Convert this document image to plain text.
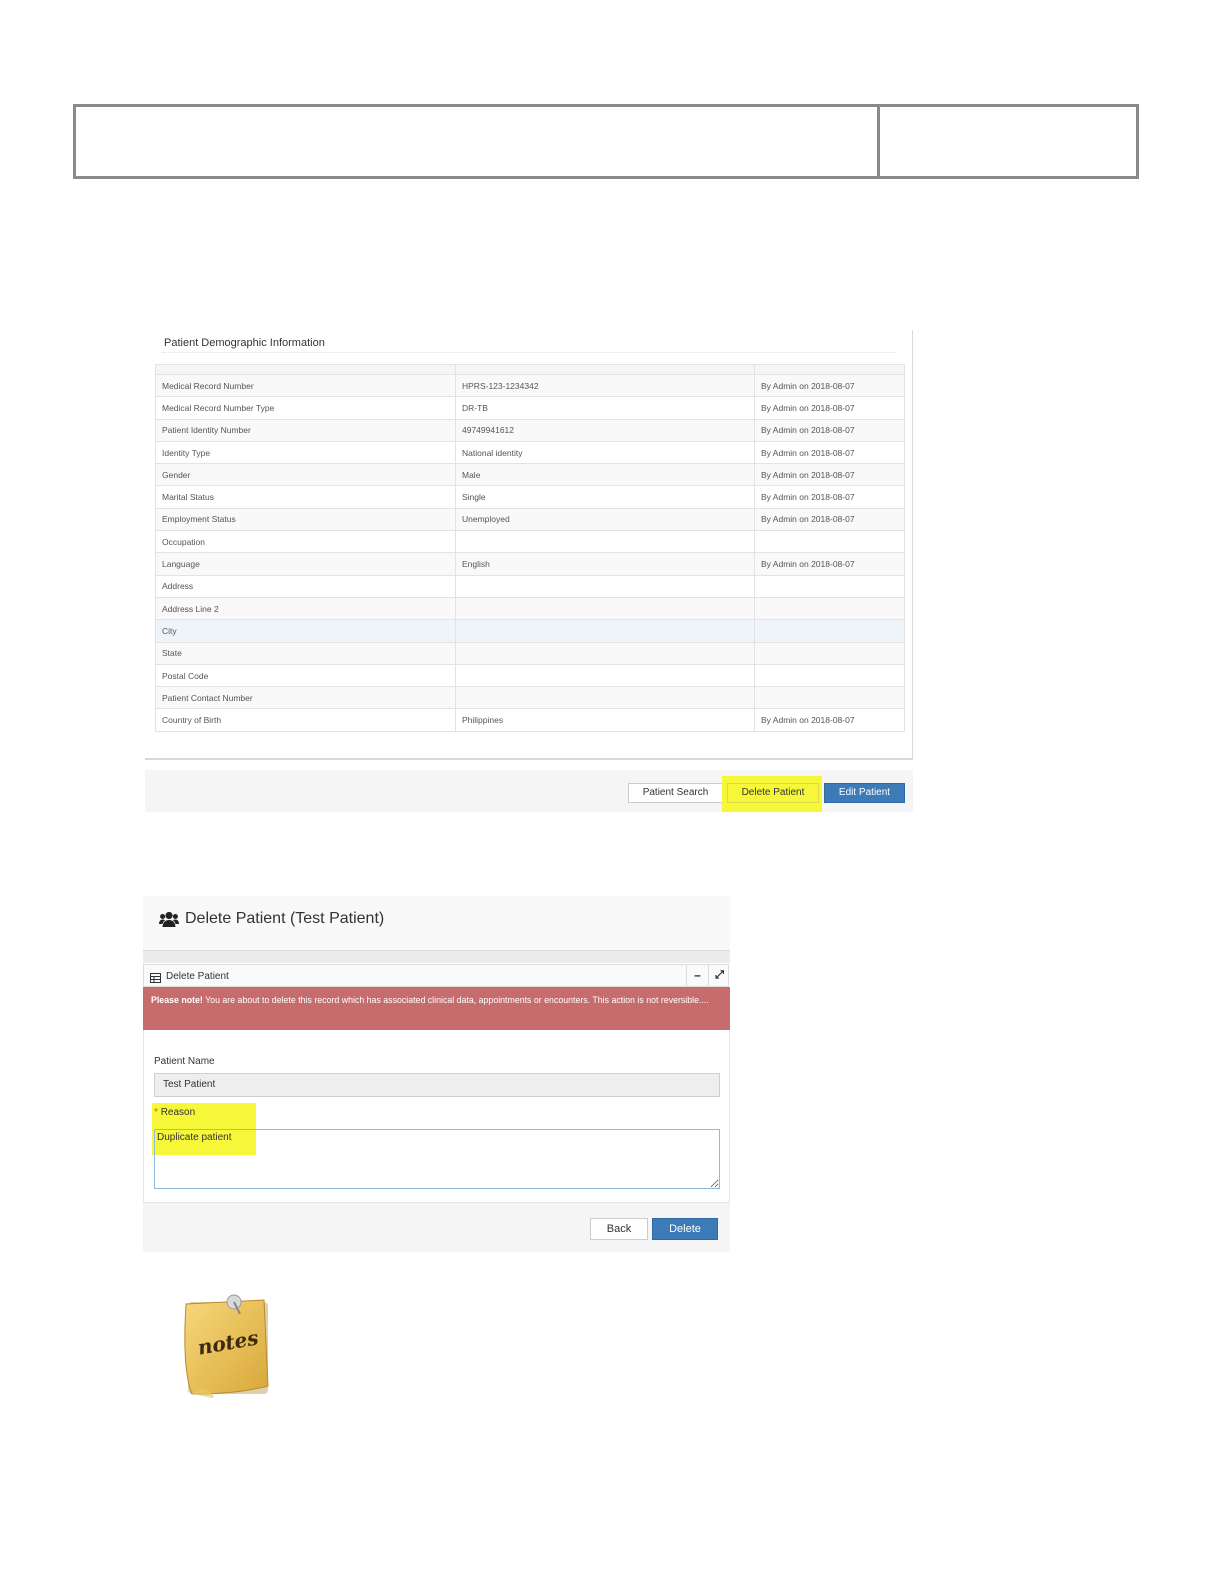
Patient Demographic Information

Medical Record Number	HPRS-123-1234342	By Admin on 2018-08-07
Medical Record Number Type	DR-TB	By Admin on 2018-08-07
Patient Identity Number	49749941612	By Admin on 2018-08-07
Identity Type	National identity	By Admin on 2018-08-07
Gender	Male	By Admin on 2018-08-07
Marital Status	Single	By Admin on 2018-08-07
Employment Status	Unemployed	By Admin on 2018-08-07
Occupation		
Language	English	By Admin on 2018-08-07
Address		
Address Line 2		
City		
State		
Postal Code		
Patient Contact Number		
Country of Birth	Philippines	By Admin on 2018-08-07
Patient Search	Delete Patient	Edit Patient
Delete Patient (Test Patient)
Delete Patient	–	⤢
Please note! You are about to delete this record which has associated clinical data, appointments or encounters. This action is not reversible....
Patient Name
Test Patient
* Reason
Duplicate patient
Back	Delete
notes
